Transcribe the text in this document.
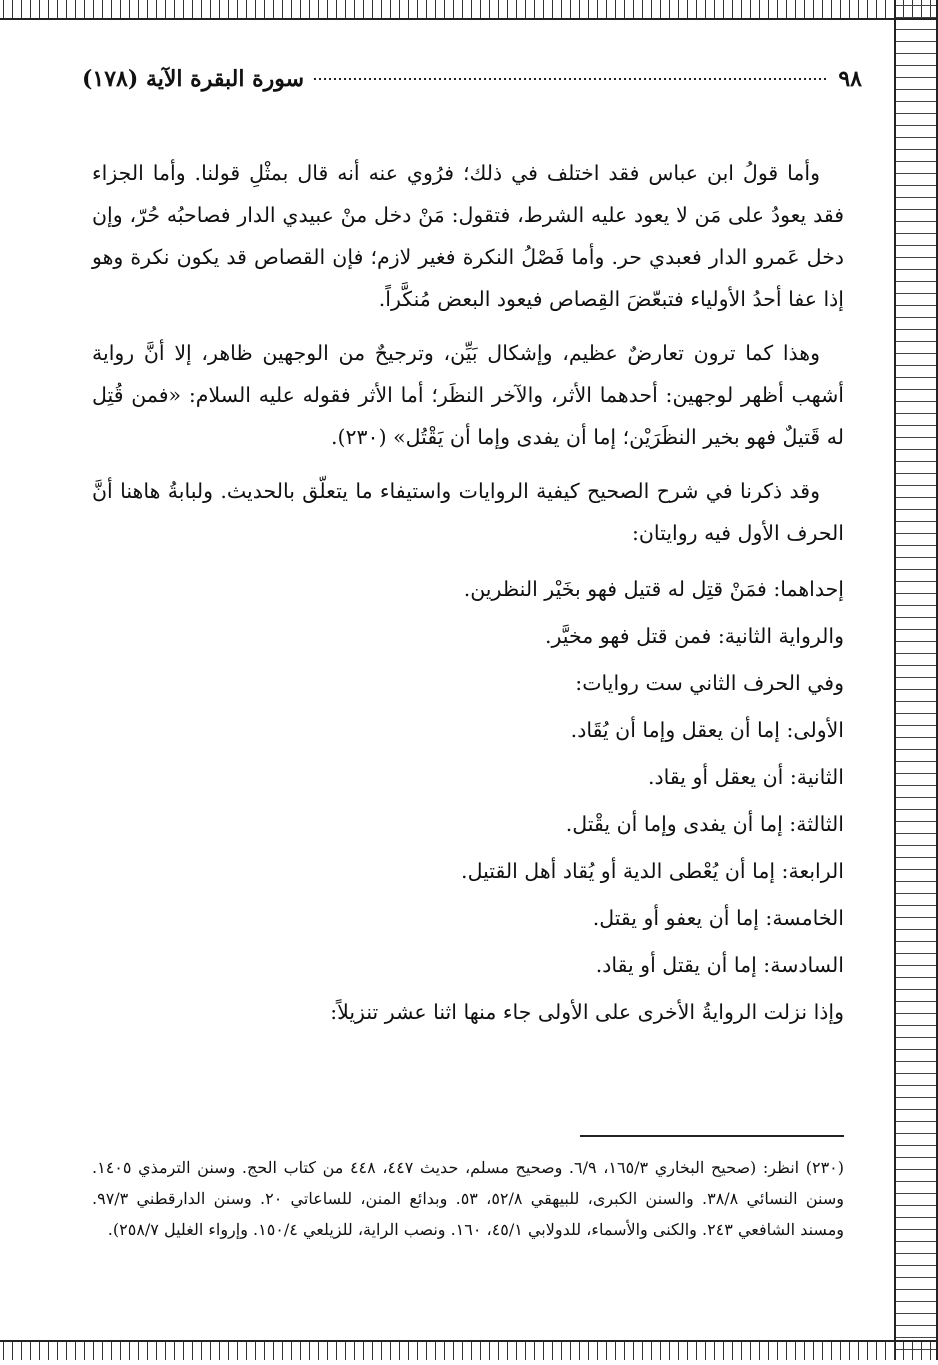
٩٨
سورة البقرة الآية (١٧٨)

وأما قولُ ابن عباس فقد اختلف في ذلك؛ فرُوي عنه أنه قال بمثْلِ قولنا. وأما الجزاء فقد يعودُ على مَن لا يعود عليه الشرط، فتقول: مَنْ دخل منْ عبيدي الدار فصاحبُه حُرّ، وإن دخل عَمرو الدار فعبدي حر. وأما فَصْلُ النكرة فغير لازم؛ فإن القصاص قد يكون نكرة وهو إذا عفا أحدُ الأولياء فتبعّضَ القِصاص فيعود البعض مُنكَّراً.

وهذا كما ترون تعارضٌ عظيم، وإشكال بَيِّن، وترجيحٌ من الوجهين ظاهر، إلا أنَّ رواية أشهب أظهر لوجهين: أحدهما الأثر، والآخر النظَر؛ أما الأثر فقوله عليه السلام: «فمن قُتِل له قَتيلٌ فهو بخير النظَرَيْن؛ إما أن يفدى وإما أن يَقْتُل» (٢٣٠).

وقد ذكرنا في شرح الصحيح كيفية الروايات واستيفاء ما يتعلّق بالحديث. ولبابةُ هاهنا أنَّ الحرف الأول فيه روايتان:

إحداهما: فمَنْ قتِل له قتيل فهو بخَيْر النظرين.

والرواية الثانية: فمن قتل فهو مخيَّر.

وفي الحرف الثاني ست روايات:

الأولى: إما أن يعقل وإما أن يُقَاد.

الثانية: أن يعقل أو يقاد.

الثالثة: إما أن يفدى وإما أن يقْتل.

الرابعة: إما أن يُعْطى الدية أو يُقاد أهل القتيل.

الخامسة: إما أن يعفو أو يقتل.

السادسة: إما أن يقتل أو يقاد.

وإذا نزلت الروايةُ الأخرى على الأولى جاء منها اثنا عشر تنزيلاً:

(٢٣٠) انظر: (صحيح البخاري ١٦٥/٣، ٦/٩. وصحيح مسلم، حديث ٤٤٧، ٤٤٨ من كتاب الحج. وسنن الترمذي ١٤٠٥. وسنن النسائي ٣٨/٨. والسنن الكبرى، للبيهقي ٥٢/٨، ٥٣. وبدائع المنن، للساعاتي ٢٠. وسنن الدارقطني ٩٧/٣. ومسند الشافعي ٢٤٣. والكنى والأسماء، للدولابي ٤٥/١، ١٦٠. ونصب الراية، للزيلعي ١٥٠/٤. وإرواء الغليل ٢٥٨/٧).
